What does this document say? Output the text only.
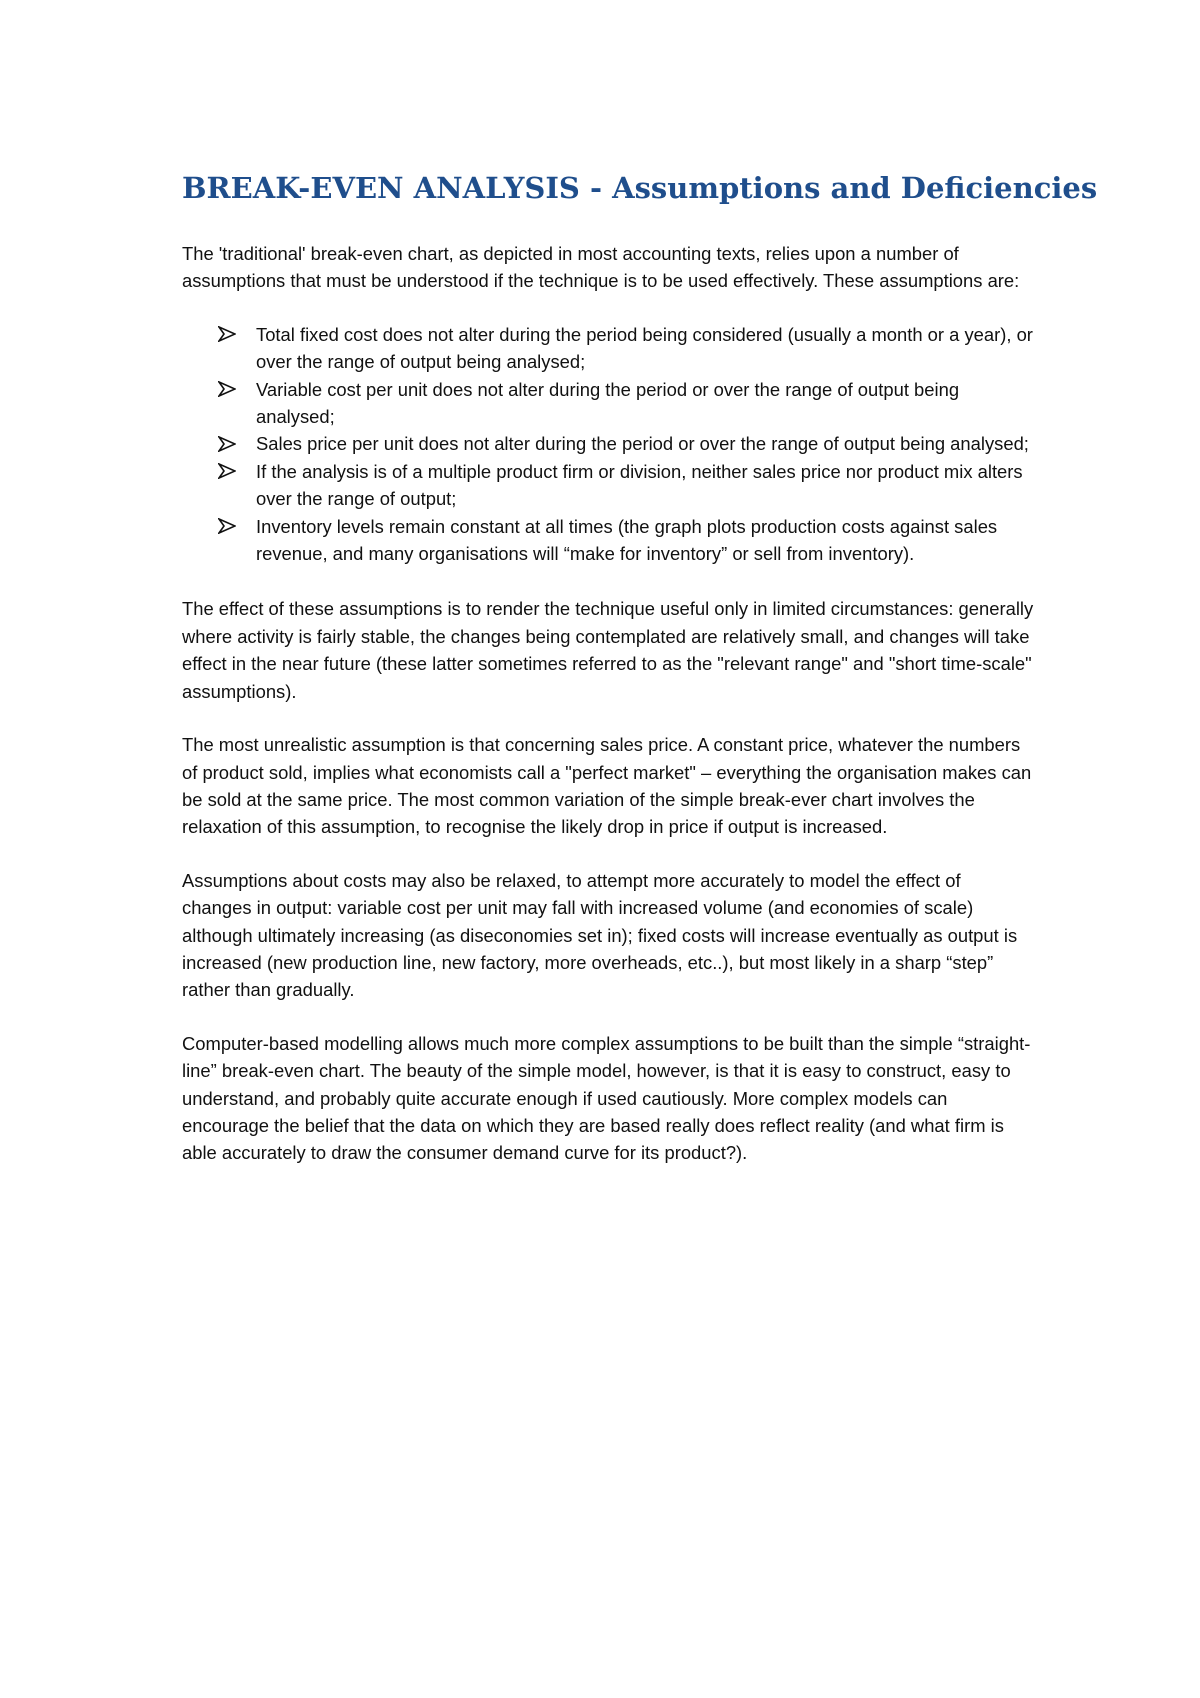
BREAK-EVEN ANALYSIS - Assumptions and Deficiencies

The 'traditional' break-even chart, as depicted in most accounting texts, relies upon a number of assumptions that must be understood if the technique is to be used effectively. These assumptions are:

Total fixed cost does not alter during the period being considered (usually a month or a year), or over the range of output being analysed;
Variable cost per unit does not alter during the period or over the range of output being analysed;
Sales price per unit does not alter during the period or over the range of output being analysed;
If the analysis is of a multiple product firm or division, neither sales price nor product mix alters over the range of output;
Inventory levels remain constant at all times (the graph plots production costs against sales revenue, and many organisations will “make for inventory” or sell from inventory).

The effect of these assumptions is to render the technique useful only in limited circumstances: generally where activity is fairly stable, the changes being contemplated are relatively small, and changes will take effect in the near future (these latter sometimes referred to as the "relevant range" and "short time-scale" assumptions).

The most unrealistic assumption is that concerning sales price. A constant price, whatever the numbers of product sold, implies what economists call a "perfect market" – everything the organisation makes can be sold at the same price. The most common variation of the simple break-ever chart involves the relaxation of this assumption, to recognise the likely drop in price if output is increased.

Assumptions about costs may also be relaxed, to attempt more accurately to model the effect of changes in output: variable cost per unit may fall with increased volume (and economies of scale) although ultimately increasing (as diseconomies set in); fixed costs will increase eventually as output is increased (new production line, new factory, more overheads, etc..), but most likely in a sharp “step” rather than gradually.

Computer-based modelling allows much more complex assumptions to be built than the simple “straight-line” break-even chart. The beauty of the simple model, however, is that it is easy to construct, easy to understand, and probably quite accurate enough if used cautiously. More complex models can encourage the belief that the data on which they are based really does reflect reality (and what firm is able accurately to draw the consumer demand curve for its product?).
